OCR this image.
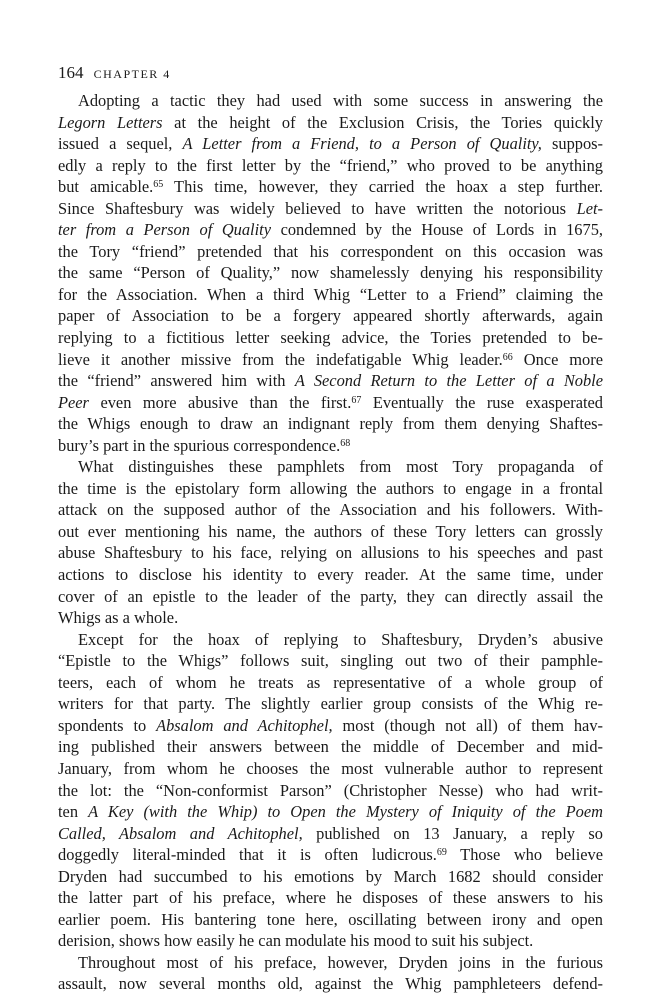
164 CHAPTER 4
Adopting a tactic they had used with some success in answering the
Legorn Letters at the height of the Exclusion Crisis, the Tories quickly
issued a sequel, A Letter from a Friend, to a Person of Quality, suppos-
edly a reply to the first letter by the “friend,” who proved to be anything
but amicable.$^{65}$ This time, however, they carried the hoax a step further.
Since Shaftesbury was widely believed to have written the notorious Let-
ter from a Person of Quality condemned by the House of Lords in 1675,
the Tory “friend” pretended that his correspondent on this occasion was
the same “Person of Quality,” now shamelessly denying his responsibility
for the Association. When a third Whig “Letter to a Friend” claiming the
paper of Association to be a forgery appeared shortly afterwards, again
replying to a fictitious letter seeking advice, the Tories pretended to be-
lieve it another missive from the indefatigable Whig leader.$^{66}$ Once more
the “friend” answered him with A Second Return to the Letter of a Noble
Peer even more abusive than the first.$^{67}$ Eventually the ruse exasperated
the Whigs enough to draw an indignant reply from them denying Shaftes-
bury’s part in the spurious correspondence.$^{68}$
What distinguishes these pamphlets from most Tory propaganda of
the time is the epistolary form allowing the authors to engage in a frontal
attack on the supposed author of the Association and his followers. With-
out ever mentioning his name, the authors of these Tory letters can grossly
abuse Shaftesbury to his face, relying on allusions to his speeches and past
actions to disclose his identity to every reader. At the same time, under
cover of an epistle to the leader of the party, they can directly assail the
Whigs as a whole.
Except for the hoax of replying to Shaftesbury, Dryden’s abusive
“Epistle to the Whigs” follows suit, singling out two of their pamphle-
teers, each of whom he treats as representative of a whole group of
writers for that party. The slightly earlier group consists of the Whig re-
spondents to Absalom and Achitophel, most (though not all) of them hav-
ing published their answers between the middle of December and mid-
January, from whom he chooses the most vulnerable author to represent
the lot: the “Non-conformist Parson” (Christopher Nesse) who had writ-
ten A Key (with the Whip) to Open the Mystery of Iniquity of the Poem
Called, Absalom and Achitophel, published on 13 January, a reply so
doggedly literal-minded that it is often ludicrous.$^{69}$ Those who believe
Dryden had succumbed to his emotions by March 1682 should consider
the latter part of his preface, where he disposes of these answers to his
earlier poem. His bantering tone here, oscillating between irony and open
derision, shows how easily he can modulate his mood to suit his subject.
Throughout most of his preface, however, Dryden joins in the furious
assault, now several months old, against the Whig pamphleteers defend-
